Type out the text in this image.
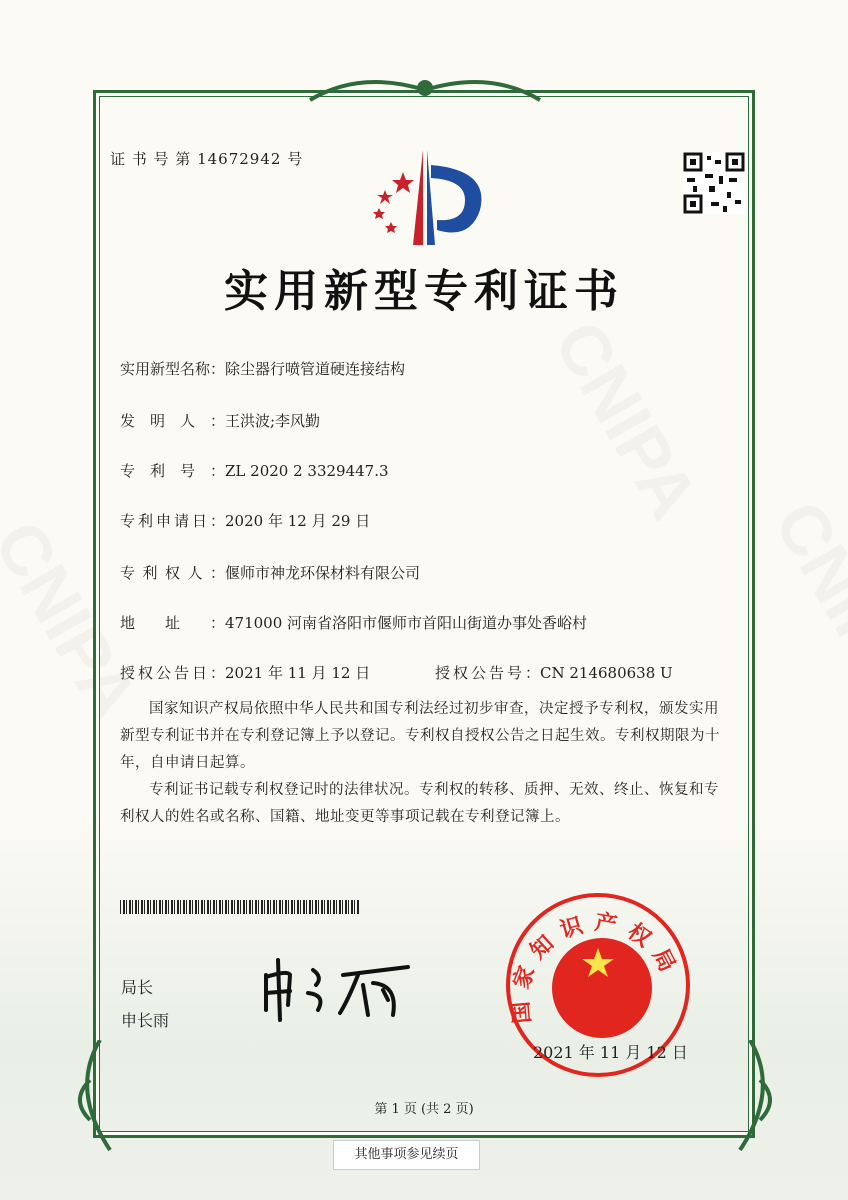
证 书 号 第 14672942 号
实用新型专利证书
实用新型名称：除尘器行喷管道硬连接结构
发明人：王洪波;李风勤
专利号：ZL 2020 2 3329447.3
专利申请日：2020 年 12 月 29 日
专利权人：偃师市神龙环保材料有限公司
地址：471000 河南省洛阳市偃师市首阳山街道办事处香峪村
授权公告日：2021 年 11 月 12 日	授权公告号：CN 214680638 U
国家知识产权局依照中华人民共和国专利法经过初步审查，决定授予专利权，颁发实用新型专利证书并在专利登记簿上予以登记。专利权自授权公告之日起生效。专利权期限为十年，自申请日起算。
专利证书记载专利权登记时的法律状况。专利权的转移、质押、无效、终止、恢复和专利权人的姓名或名称、国籍、地址变更等事项记载在专利登记簿上。
局长
申长雨	国家知识产权局
2021 年 11 月 12 日
第 1 页 (共 2 页)
其他事项参见续页
